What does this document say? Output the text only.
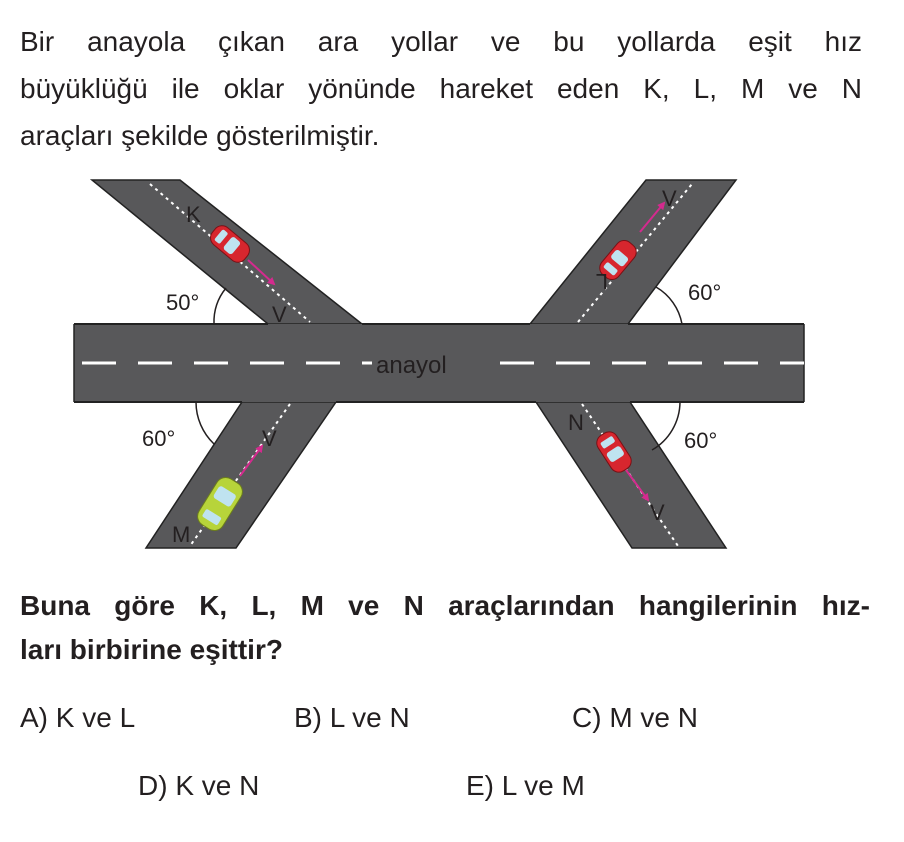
Bir anayola çıkan ara yollar ve bu yollarda eşit hız
büyüklüğü ile oklar yönünde hareket eden K, L, M ve N
araçları şekilde gösterilmiştir.
anayol
50°	60°
60°	60°
K
L
M
N
V
V
V
V
Buna göre K, L, M ve N araçlarından hangilerinin hız-
ları birbirine eşittir?
A) K ve L	B) L ve N	C) M ve N
D) K ve N	E) L ve M
